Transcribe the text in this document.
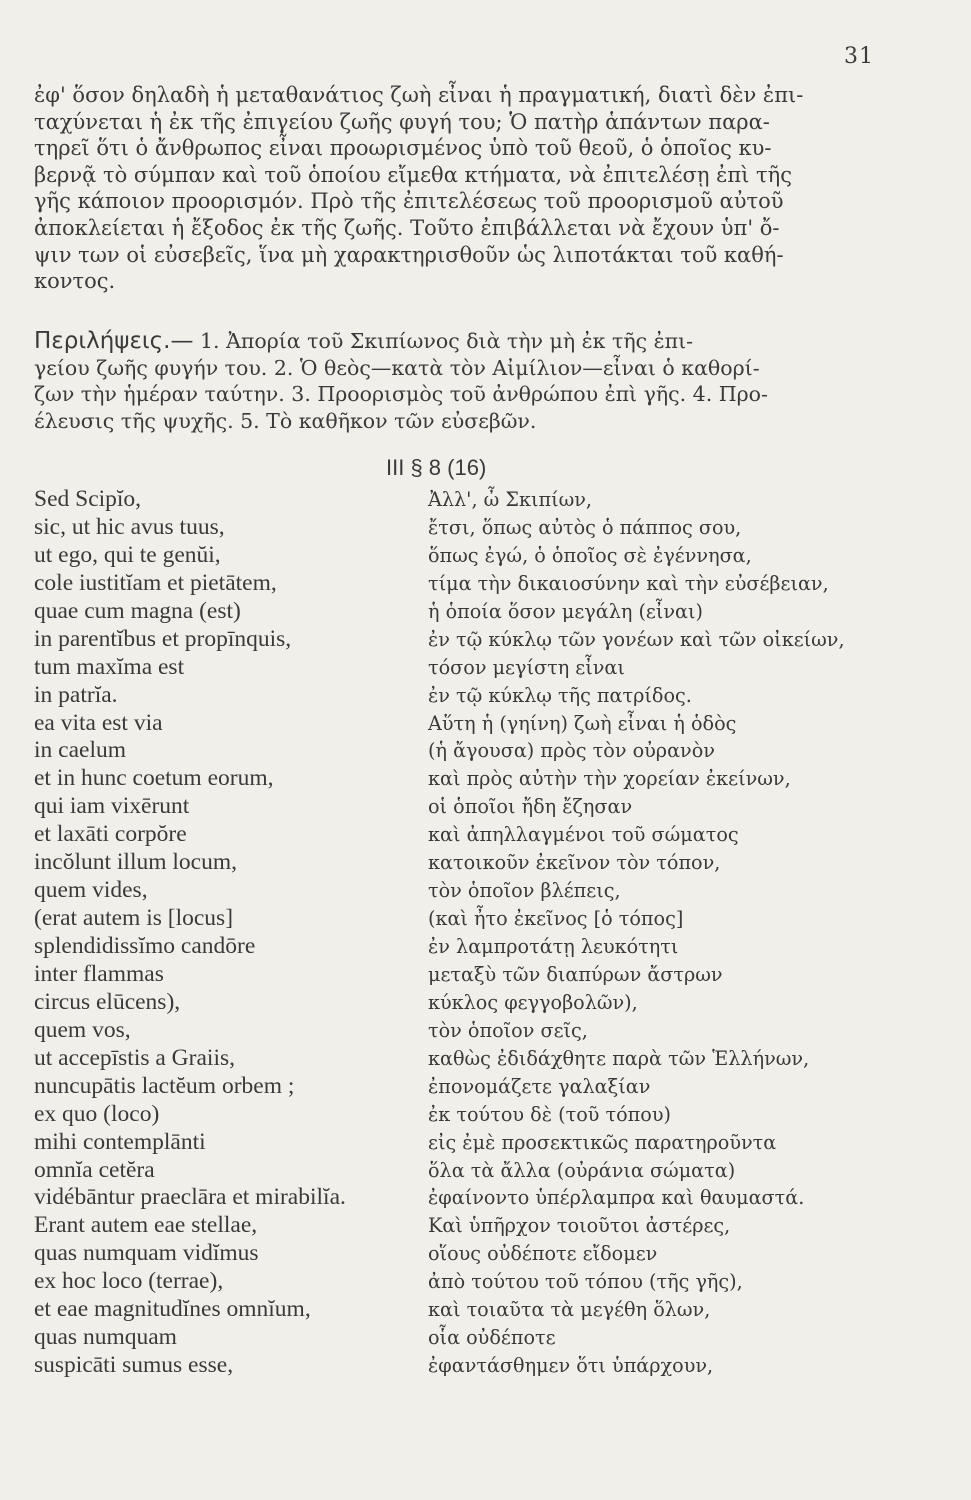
31
ἐφ' ὅσον δηλαδὴ ἡ μεταθανάτιος ζωὴ εἶναι ἡ πραγματική, διατὶ δὲν ἐπι-
ταχύνεται ἡ ἐκ τῆς ἐπιγείου ζωῆς φυγή του; Ὁ πατὴρ ἁπάντων παρα-
τηρεῖ ὅτι ὁ ἄνθρωπος εἶναι προωρισμένος ὑπὸ τοῦ θεοῦ, ὁ ὁποῖος κυ-
βερνᾷ τὸ σύμπαν καὶ τοῦ ὁποίου εἴμεθα κτήματα, νὰ ἐπιτελέσῃ ἐπὶ τῆς
γῆς κάποιον προορισμόν. Πρὸ τῆς ἐπιτελέσεως τοῦ προορισμοῦ αὐτοῦ
ἀποκλείεται ἡ ἔξοδος ἐκ τῆς ζωῆς. Τοῦτο ἐπιβάλλεται νὰ ἔχουν ὑπ' ὄ-
ψιν των οἱ εὐσεβεῖς, ἵνα μὴ χαρακτηρισθοῦν ὡς λιποτάκται τοῦ καθή-
κοντος.
Περιλήψεις.— 1. Ἀπορία τοῦ Σκιπίωνος διὰ τὴν μὴ ἐκ τῆς ἐπι-
γείου ζωῆς φυγήν του. 2. Ὁ θεὸς—κατὰ τὸν Αἰμίλιον—εἶναι ὁ καθορί-
ζων τὴν ἡμέραν ταύτην. 3. Προορισμὸς τοῦ ἀνθρώπου ἐπὶ γῆς. 4. Προ-
έλευσις τῆς ψυχῆς. 5. Τὸ καθῆκον τῶν εὐσεβῶν.
III § 8 (16)
Sed Scipĭo,
sic, ut hic avus tuus,
ut ego, qui te genŭi,
cole iustitĭam et pietātem,
quae cum magna (est)
in parentĭbus et propīnquis,
tum maxĭma est
in patrĭa.
ea vita est via
in caelum
et in hunc coetum eorum,
qui iam vixērunt
et laxāti corpŏre
incŏlunt illum locum,
quem vides,
(erat autem is [locus]
splendidissĭmo candōre
inter flammas
circus elūcens),
quem vos,
ut accepīstis a Graiis,
nuncupātis lactĕum orbem ;
ex quo (loco)
mihi contemplānti
omnĭa cetĕra
vidébāntur praeclāra et mirabilĭa.
Erant autem eae stellae,
quas numquam vidĭmus
ex hoc loco (terrae),
et eae magnitudĭnes omnĭum,
quas numquam
suspicāti sumus esse,
Ἀλλ', ὦ Σκιπίων,
ἔτσι, ὅπως αὐτὸς ὁ πάππος σου,
ὅπως ἐγώ, ὁ ὁποῖος σὲ ἐγέννησα,
τίμα τὴν δικαιοσύνην καὶ τὴν εὐσέβειαν,
ἡ ὁποία ὅσον μεγάλη (εἶναι)
ἐν τῷ κύκλῳ τῶν γονέων καὶ τῶν οἰκείων,
τόσον μεγίστη εἶναι
ἐν τῷ κύκλῳ τῆς πατρίδος.
Αὕτη ἡ (γηίνη) ζωὴ εἶναι ἡ ὁδὸς
(ἡ ἄγουσα) πρὸς τὸν οὐρανὸν
καὶ πρὸς αὐτὴν τὴν χορείαν ἐκείνων,
οἱ ὁποῖοι ἤδη ἔζησαν
καὶ ἀπηλλαγμένοι τοῦ σώματος
κατοικοῦν ἐκεῖνον τὸν τόπον,
τὸν ὁποῖον βλέπεις,
(καὶ ἦτο ἐκεῖνος [ὁ τόπος]
ἐν λαμπροτάτῃ λευκότητι
μεταξὺ τῶν διαπύρων ἄστρων
κύκλος φεγγοβολῶν),
τὸν ὁποῖον σεῖς,
καθὼς ἐδιδάχθητε παρὰ τῶν Ἑλλήνων,
ἐπονομάζετε γαλαξίαν
ἐκ τούτου δὲ (τοῦ τόπου)
εἰς ἐμὲ προσεκτικῶς παρατηροῦντα
ὅλα τὰ ἄλλα (οὐράνια σώματα)
ἐφαίνοντο ὑπέρλαμπρα καὶ θαυμαστά.
Καὶ ὑπῆρχον τοιοῦτοι ἀστέρες,
οἵους οὐδέποτε εἴδομεν
ἀπὸ τούτου τοῦ τόπου (τῆς γῆς),
καὶ τοιαῦτα τὰ μεγέθη ὅλων,
οἷα οὐδέποτε
ἐφαντάσθημεν ὅτι ὑπάρχουν,
